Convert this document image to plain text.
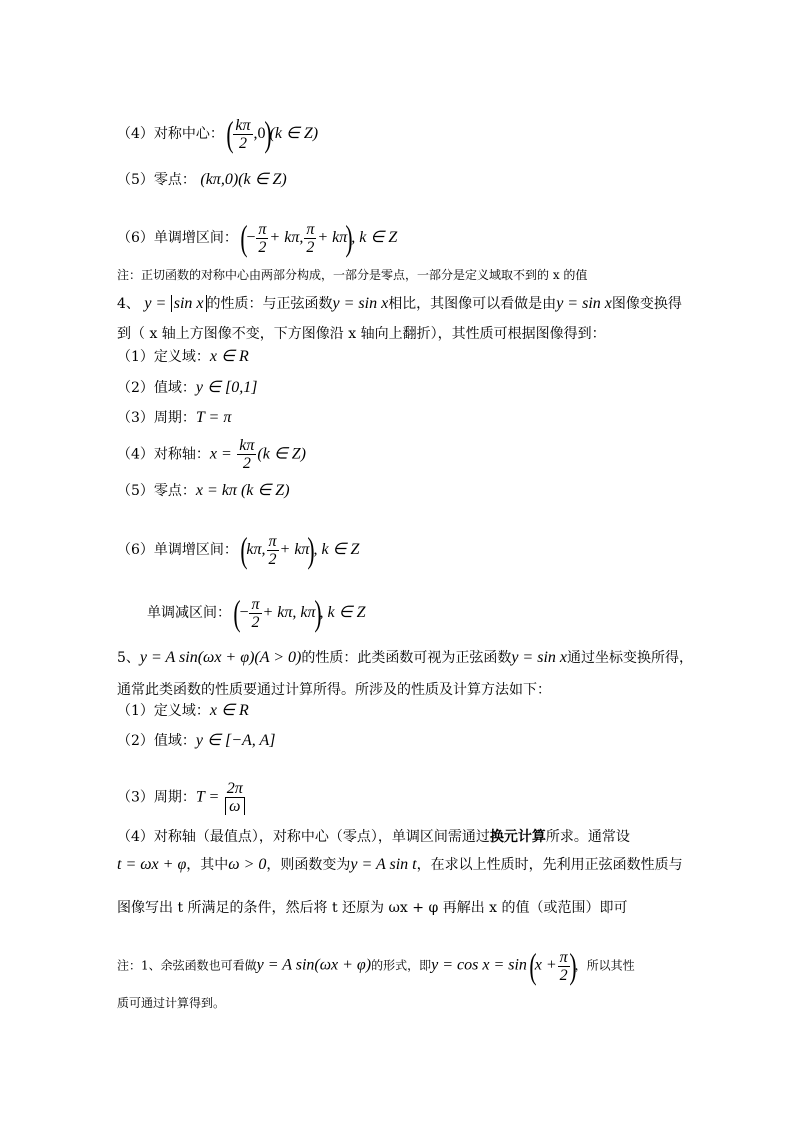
（4）对称中心： ( $\frac{k\pi}{2} ,0)(k$ ∈ Z)
（5）零点： (kπ,0)(k ∈ Z)
（6）单调增区间： (− $\frac{\pi}{2} + k\pi$, $\frac{\pi}{2} + k\pi$), k ∈ Z
注：正切函数的对称中心由两部分构成，一部分是零点，一部分是定义域取不到的 x 的值
4、 y = sin x 的性质：与正弦函数y = sin x相比，其图像可以看做是由y = sin x图像变换得
到（ x 轴上方图像不变，下方图像沿 x 轴向上翻折），其性质可根据图像得到：
（1）定义域：x ∈ R
（2）值域：y ∈ [0,1]
（3）周期：T = π
（4）对称轴：$x = \frac{k\pi}{2} (k$ ∈ Z)
（5）零点：x = kπ (k ∈ Z)
（6）单调增区间： (kπ, $\frac{\pi}{2} + k\pi$), k ∈ Z
单调减区间： (− $\frac{\pi}{2} + k\pi$, kπ), k ∈ Z
5、y = A sin(ωx + φ)(A > 0)的性质：此类函数可视为正弦函数y = sin x通过坐标变换所得，
通常此类函数的性质要通过计算所得。所涉及的性质及计算方法如下：
（1）定义域：x ∈ R
（2）值域：y ∈ [−A, A]
（3）周期：$T = \frac{2\pi}{\omega}$
（4）对称轴（最值点），对称中心（零点），单调区间需通过换元计算所求。通常设
t = ωx + φ，其中ω > 0，则函数变为y = A sin t，在求以上性质时，先利用正弦函数性质与
图像写出 t 所满足的条件，然后将 t 还原为 ωx + φ 再解出 x 的值（或范围）即可
注：1、余弦函数也可看做y = A sin(ωx + φ)的形式，即$y = \cos x = \sin (x + \frac{\pi}{2}$ )，所以其性
质可通过计算得到。
